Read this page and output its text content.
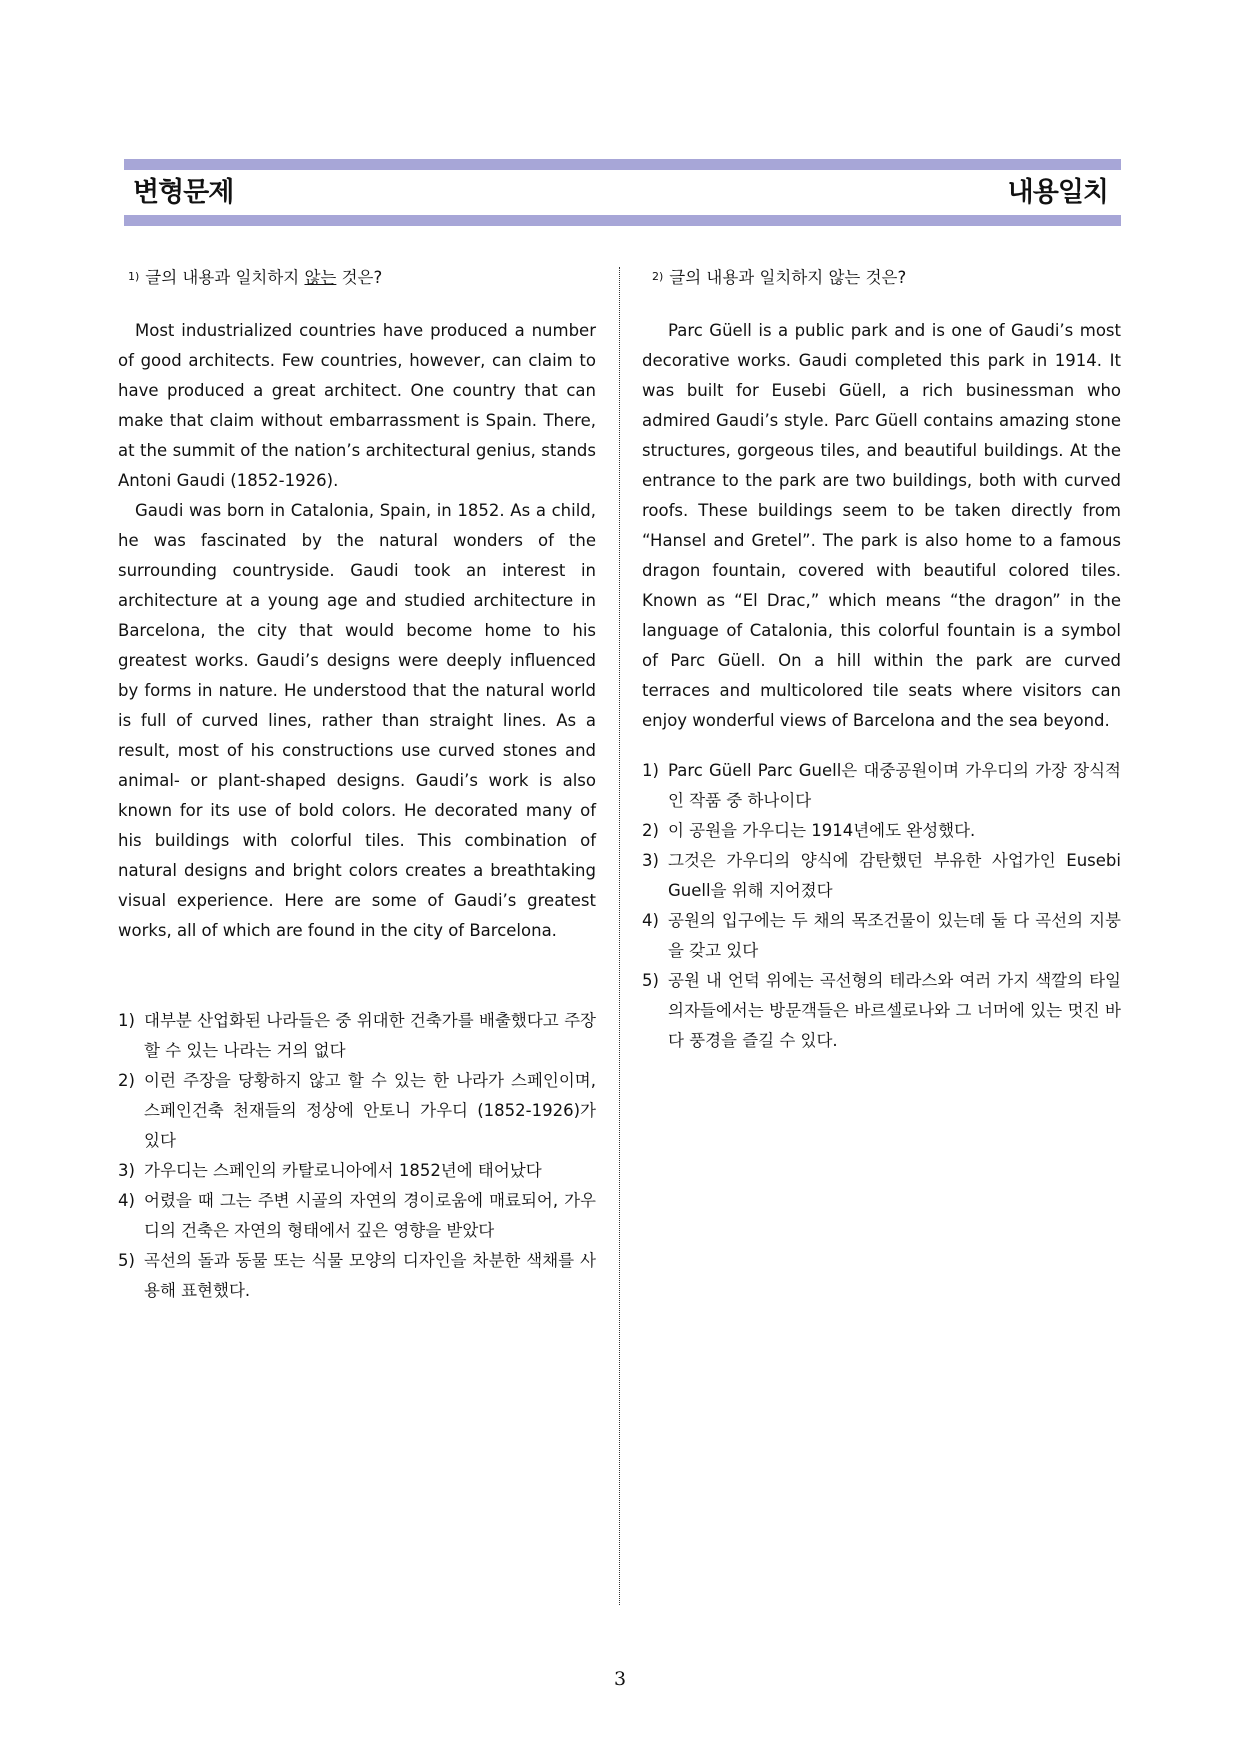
변형문제	내용일치
1) 글의 내용과 일치하지 않는 것은?

Most industrialized countries have produced a number of good architects. Few countries, however, can claim to have produced a great architect. One country that can make that claim without embarrassment is Spain. There, at the summit of the nation’s architectural genius, stands Antoni Gaudi (1852-1926).

Gaudi was born in Catalonia, Spain, in 1852. As a child, he was fascinated by the natural wonders of the surrounding countryside. Gaudi took an interest in architecture at a young age and studied architecture in Barcelona, the city that would become home to his greatest works. Gaudi’s designs were deeply influenced by forms in nature. He understood that the natural world is full of curved lines, rather than straight lines. As a result, most of his constructions use curved stones and animal- or plant-shaped designs. Gaudi’s work is also known for its use of bold colors. He decorated many of his buildings with colorful tiles. This combination of natural designs and bright colors creates a breathtaking visual experience. Here are some of Gaudi’s greatest works, all of which are found in the city of Barcelona.

1) 대부분 산업화된 나라들은 중 위대한 건축가를 배출했다고 주장할 수 있는 나라는 거의 없다
2) 이런 주장을 당황하지 않고 할 수 있는 한 나라가 스페인이며, 스페인건축 천재들의 정상에 안토니 가우디 (1852-1926)가 있다
3) 가우디는 스페인의 카탈로니아에서 1852년에 태어났다
4) 어렸을 때 그는 주변 시골의 자연의 경이로움에 매료되어, 가우디의 건축은 자연의 형태에서 깊은 영향을 받았다
5) 곡선의 돌과 동물 또는 식물 모양의 디자인을 차분한 색채를 사용해 표현했다.
2) 글의 내용과 일치하지 않는 것은?

Parc Güell is a public park and is one of Gaudi’s most decorative works. Gaudi completed this park in 1914. It was built for Eusebi Güell, a rich businessman who admired Gaudi’s style. Parc Güell contains amazing stone structures, gorgeous tiles, and beautiful buildings. At the entrance to the park are two buildings, both with curved roofs. These buildings seem to be taken directly from “Hansel and Gretel”. The park is also home to a famous dragon fountain, covered with beautiful colored tiles. Known as “El Drac,” which means “the dragon” in the language of Catalonia, this colorful fountain is a symbol of Parc Güell. On a hill within the park are curved terraces and multicolored tile seats where visitors can enjoy wonderful views of Barcelona and the sea beyond.

1) Parc Güell Parc Guell은 대중공원이며 가우디의 가장 장식적인 작품 중 하나이다
2) 이 공원을 가우디는 1914년에도 완성했다.
3) 그것은 가우디의 양식에 감탄했던 부유한 사업가인 Eusebi Guell을 위해 지어졌다
4) 공원의 입구에는 두 채의 목조건물이 있는데 둘 다 곡선의 지붕을 갖고 있다
5) 공원 내 언덕 위에는 곡선형의 테라스와 여러 가지 색깔의 타일 의자들에서는 방문객들은 바르셀로나와 그 너머에 있는 멋진 바다 풍경을 즐길 수 있다.
3
